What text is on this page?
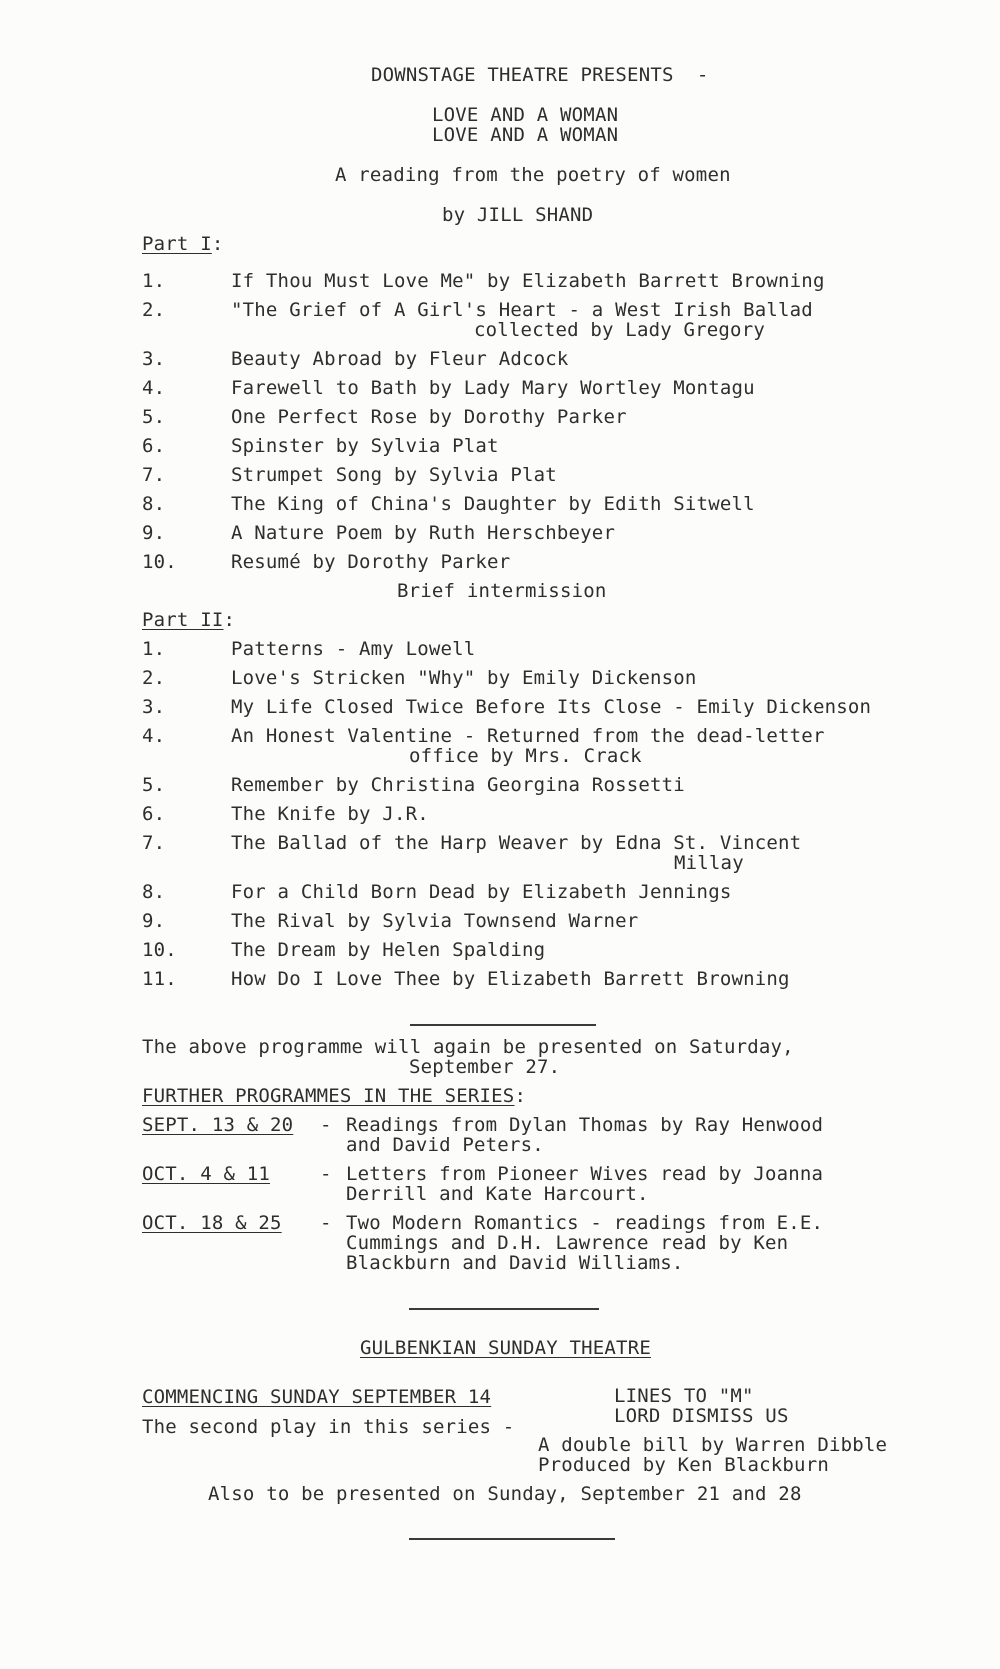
DOWNSTAGE THEATRE PRESENTS  -
LOVE AND A WOMAN
LOVE AND A WOMAN
A reading from the poetry of women
by JILL SHAND
Part I:
1.	If Thou Must Love Me" by Elizabeth Barrett Browning
2.	"The Grief of A Girl's Heart - a West Irish Ballad
collected by Lady Gregory
3.	Beauty Abroad by Fleur Adcock
4.	Farewell to Bath by Lady Mary Wortley Montagu
5.	One Perfect Rose by Dorothy Parker
6.	Spinster by Sylvia Plat
7.	Strumpet Song by Sylvia Plat
8.	The King of China's Daughter by Edith Sitwell
9.	A Nature Poem by Ruth Herschbeyer
10.	Resumé by Dorothy Parker
Brief intermission
Part II:
1.	Patterns - Amy Lowell
2.	Love's Stricken "Why" by Emily Dickenson
3.	My Life Closed Twice Before Its Close - Emily Dickenson
4.	An Honest Valentine - Returned from the dead-letter
office by Mrs. Crack
5.	Remember by Christina Georgina Rossetti
6.	The Knife by J.R.
7.	The Ballad of the Harp Weaver by Edna St. Vincent
Millay
8.	For a Child Born Dead by Elizabeth Jennings
9.	The Rival by Sylvia Townsend Warner
10.	The Dream by Helen Spalding
11.	How Do I Love Thee by Elizabeth Barrett Browning
The above programme will again be presented on Saturday,
September 27.
FURTHER PROGRAMMES IN THE SERIES:
SEPT. 13 & 20 - Readings from Dylan Thomas by Ray Henwood
and David Peters.
OCT. 4 & 11	- Letters from Pioneer Wives read by Joanna
Derrill and Kate Harcourt.
OCT. 18 & 25 - Two Modern Romantics - readings from E.E.
Cummings and D.H. Lawrence read by Ken
Blackburn and David Williams.
GULBENKIAN SUNDAY THEATRE
COMMENCING SUNDAY SEPTEMBER 14
The second play in this series -
LINES TO "M"
LORD DISMISS US
A double bill by Warren Dibble
Produced by Ken Blackburn
Also to be presented on Sunday, September 21 and 28
